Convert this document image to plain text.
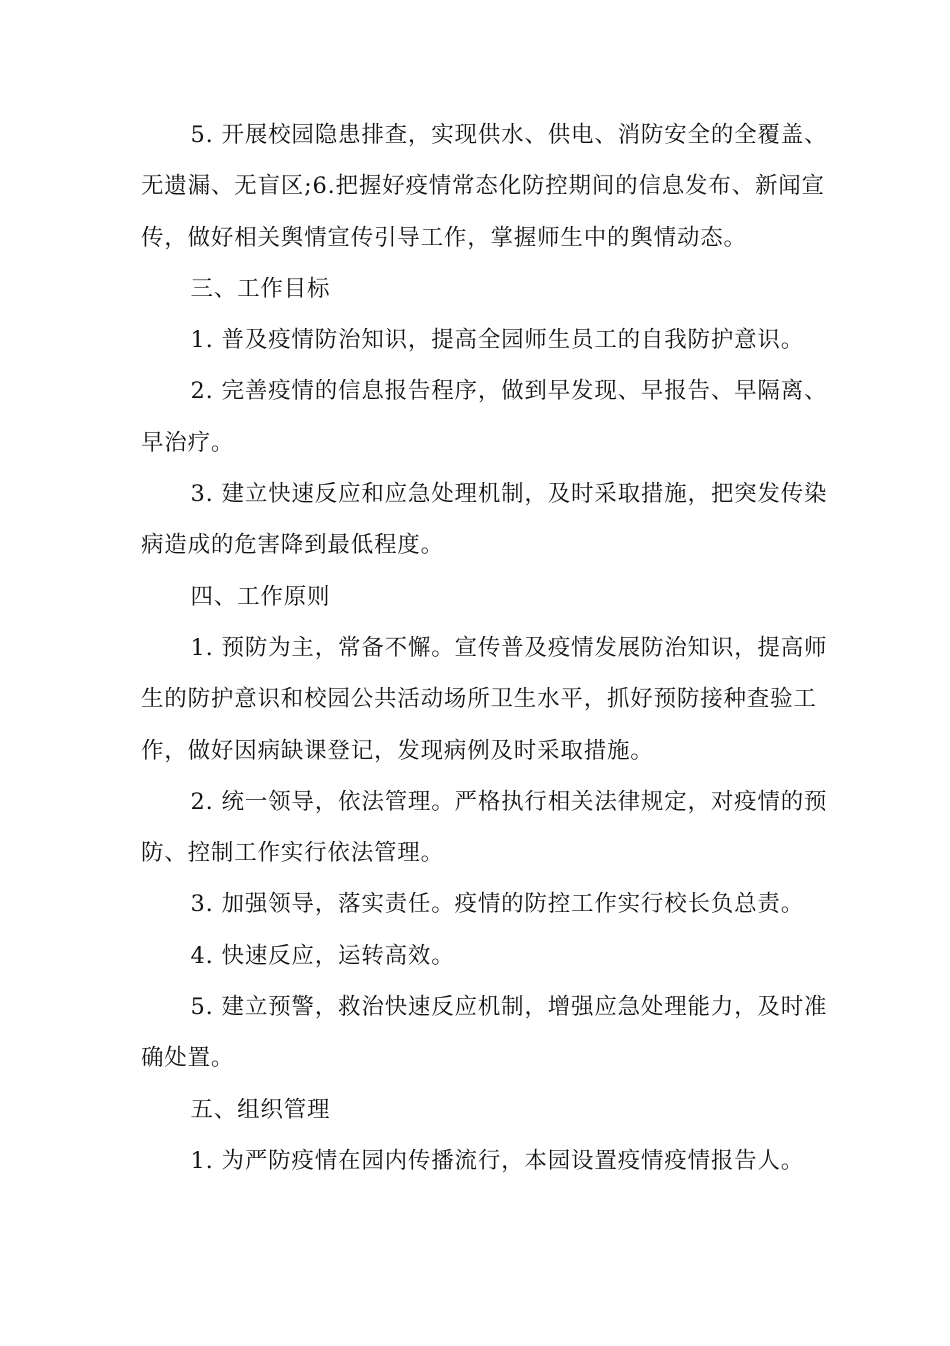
5. 开展校园隐患排查，实现供水、供电、消防安全的全覆盖、无遗漏、无盲区;6.把握好疫情常态化防控期间的信息发布、新闻宣传，做好相关舆情宣传引导工作，掌握师生中的舆情动态。

三、工作目标

1. 普及疫情防治知识，提高全园师生员工的自我防护意识。

2. 完善疫情的信息报告程序，做到早发现、早报告、早隔离、早治疗。

3. 建立快速反应和应急处理机制，及时采取措施，把突发传染病造成的危害降到最低程度。

四、工作原则

1. 预防为主，常备不懈。宣传普及疫情发展防治知识，提高师生的防护意识和校园公共活动场所卫生水平，抓好预防接种查验工作，做好因病缺课登记，发现病例及时采取措施。

2. 统一领导，依法管理。严格执行相关法律规定，对疫情的预防、控制工作实行依法管理。

3. 加强领导，落实责任。疫情的防控工作实行校长负总责。

4. 快速反应，运转高效。

5. 建立预警，救治快速反应机制，增强应急处理能力，及时准确处置。

五、组织管理

1. 为严防疫情在园内传播流行，本园设置疫情疫情报告人。
